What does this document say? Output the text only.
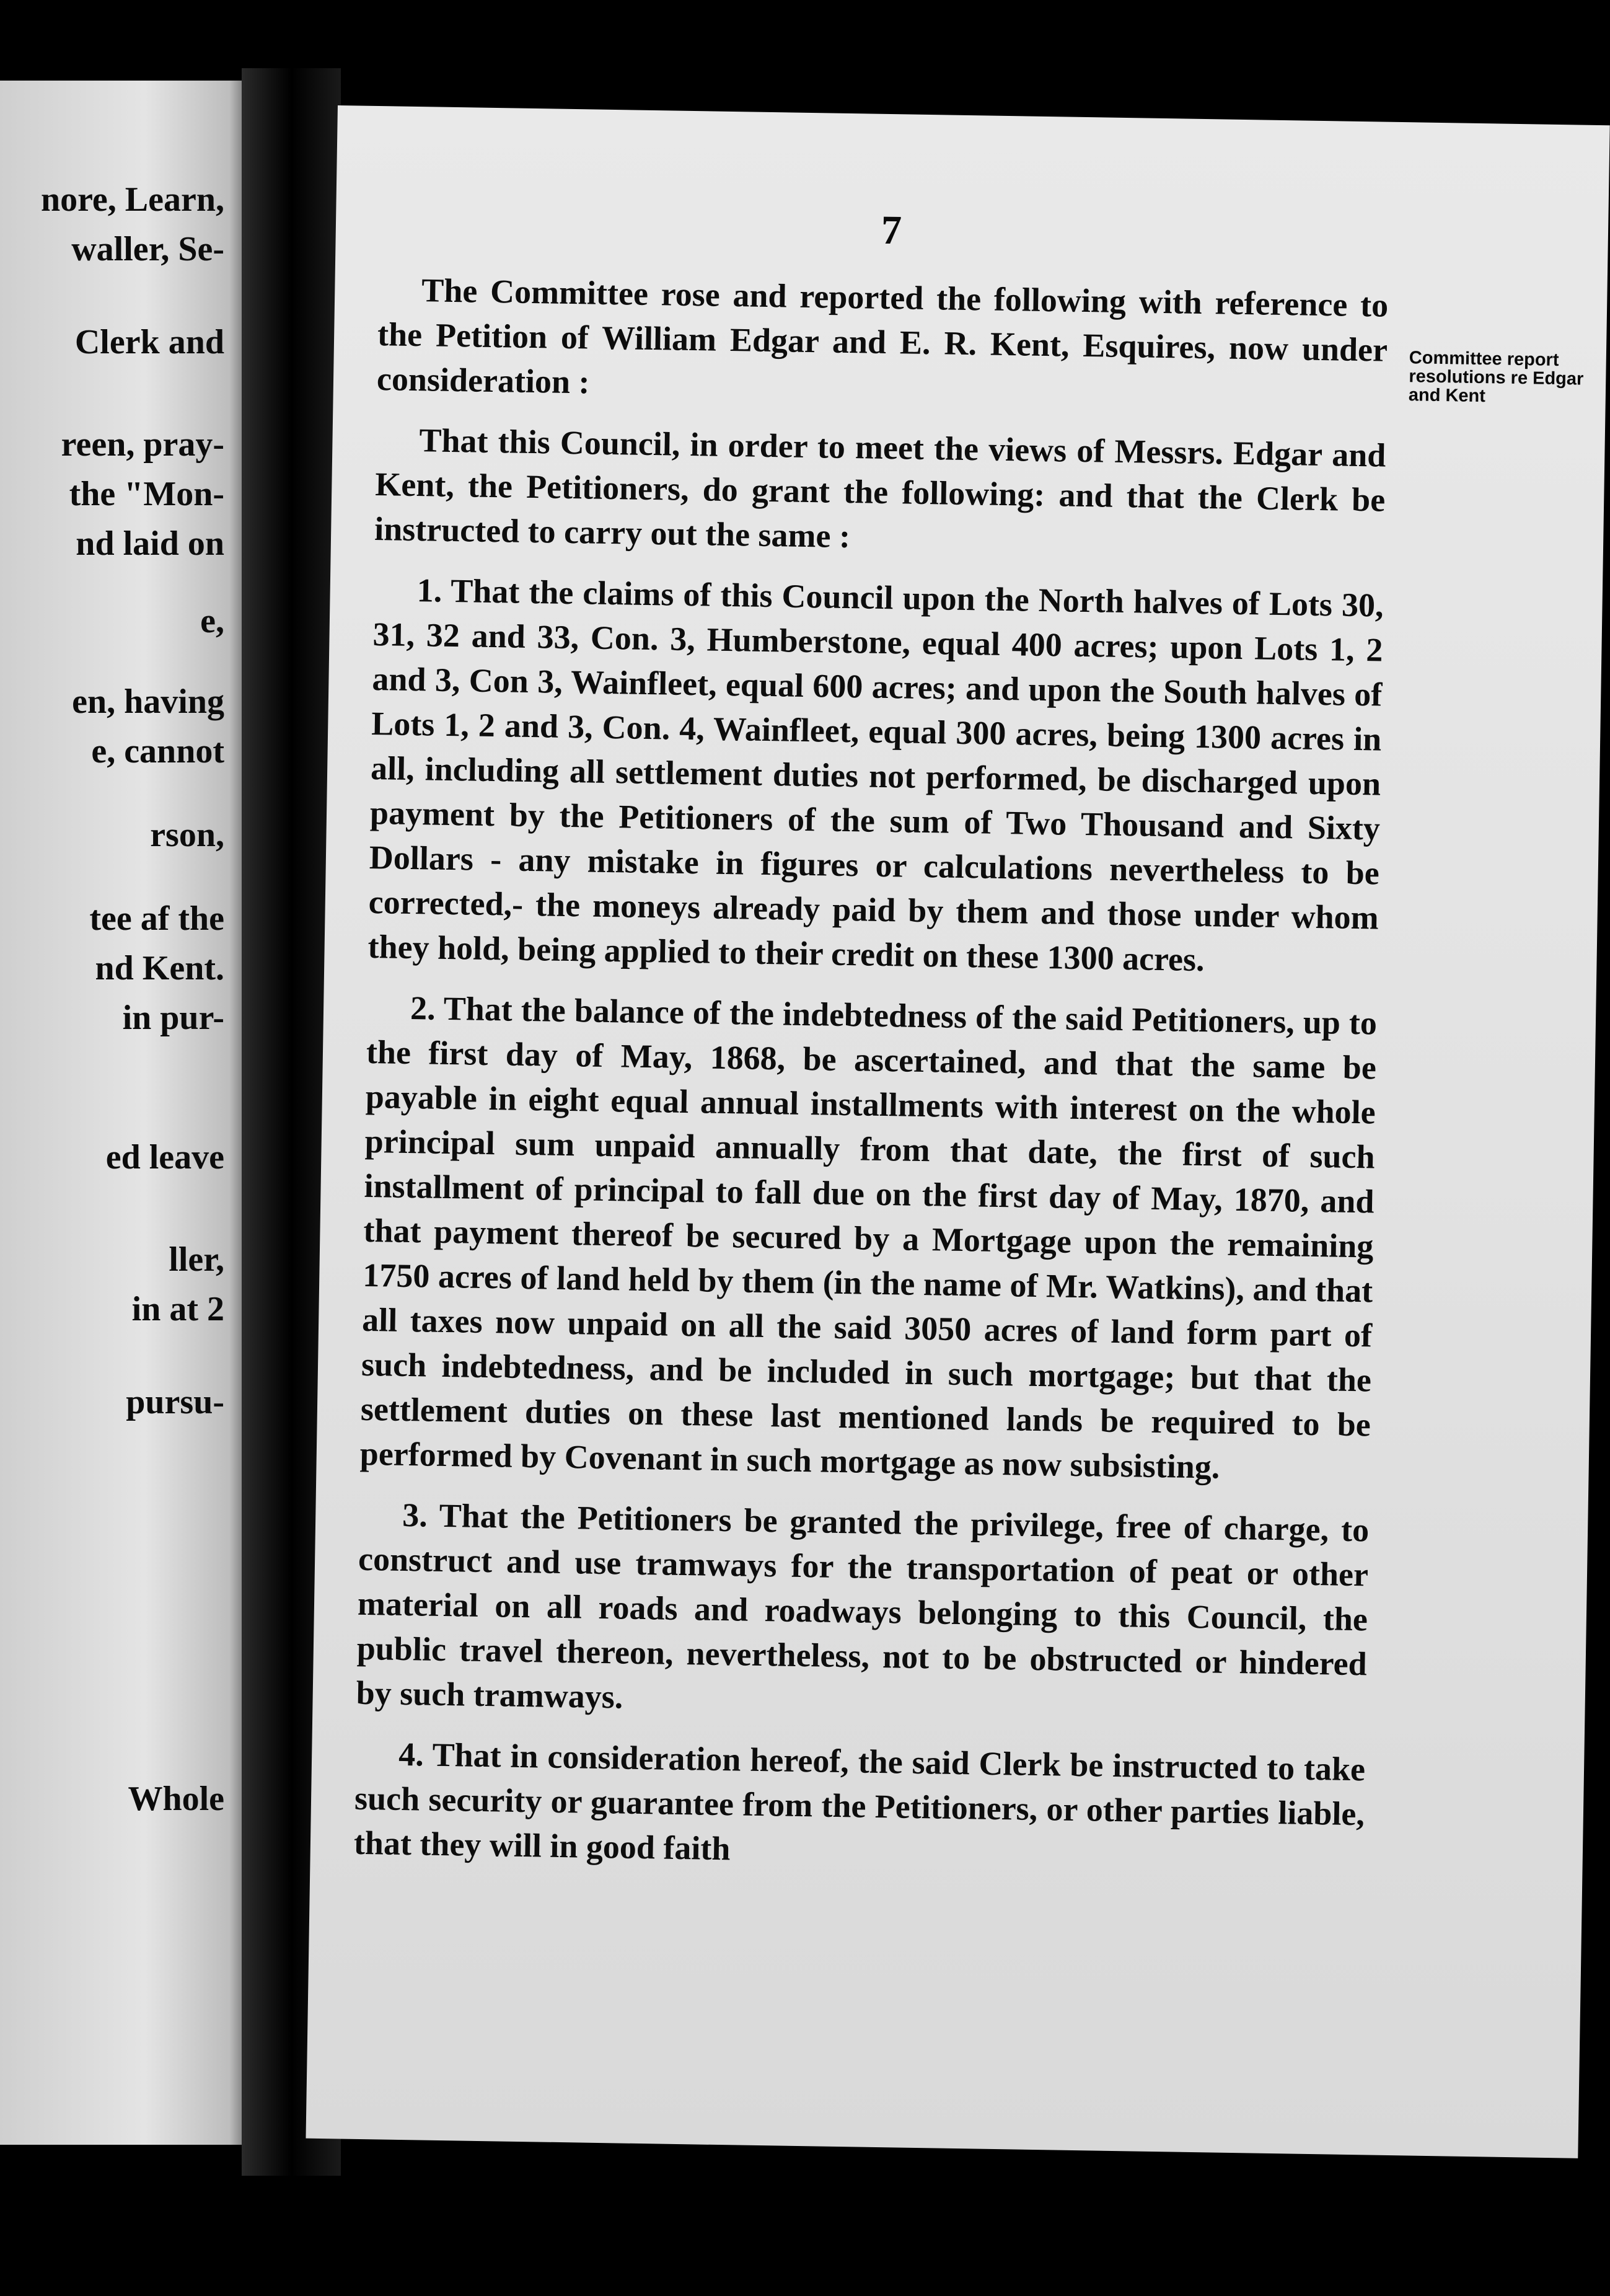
nore, Learn,
waller, Se-
Clerk and
reen, pray-
the "Mon-
nd laid on
e,
en, having
e, cannot
rson,
tee af the
nd Kent.
in pur-
ed leave
ller,
in at 2
pursu-
Whole
7
Committee report resolutions re Edgar and Kent

The Committee rose and reported the following with reference to the Petition of William Edgar and E. R. Kent, Esquires, now under consideration :

That this Council, in order to meet the views of Messrs. Edgar and Kent, the Petitioners, do grant the following: and that the Clerk be instructed to carry out the same :

1. That the claims of this Council upon the North halves of Lots 30, 31, 32 and 33, Con. 3, Humberstone, equal 400 acres; upon Lots 1, 2 and 3, Con 3, Wainfleet, equal 600 acres; and upon the South halves of Lots 1, 2 and 3, Con. 4, Wainfleet, equal 300 acres, being 1300 acres in all, including all settlement duties not performed, be discharged upon payment by the Petitioners of the sum of Two Thousand and Sixty Dollars - any mistake in figures or calculations nevertheless to be corrected,- the moneys already paid by them and those under whom they hold, being applied to their credit on these 1300 acres.

2. That the balance of the indebtedness of the said Petitioners, up to the first day of May, 1868, be ascertained, and that the same be payable in eight equal annual installments with interest on the whole principal sum unpaid annually from that date, the first of such installment of principal to fall due on the first day of May, 1870, and that payment thereof be secured by a Mortgage upon the remaining 1750 acres of land held by them (in the name of Mr. Watkins), and that all taxes now unpaid on all the said 3050 acres of land form part of such indebtedness, and be included in such mortgage; but that the settlement duties on these last mentioned lands be required to be performed by Covenant in such mortgage as now subsisting.

3. That the Petitioners be granted the privilege, free of charge, to construct and use tramways for the transportation of peat or other material on all roads and roadways belonging to this Council, the public travel thereon, nevertheless, not to be obstructed or hindered by such tramways.

4. That in consideration hereof, the said Clerk be instructed to take such security or guarantee from the Petitioners, or other parties liable, that they will in good faith
